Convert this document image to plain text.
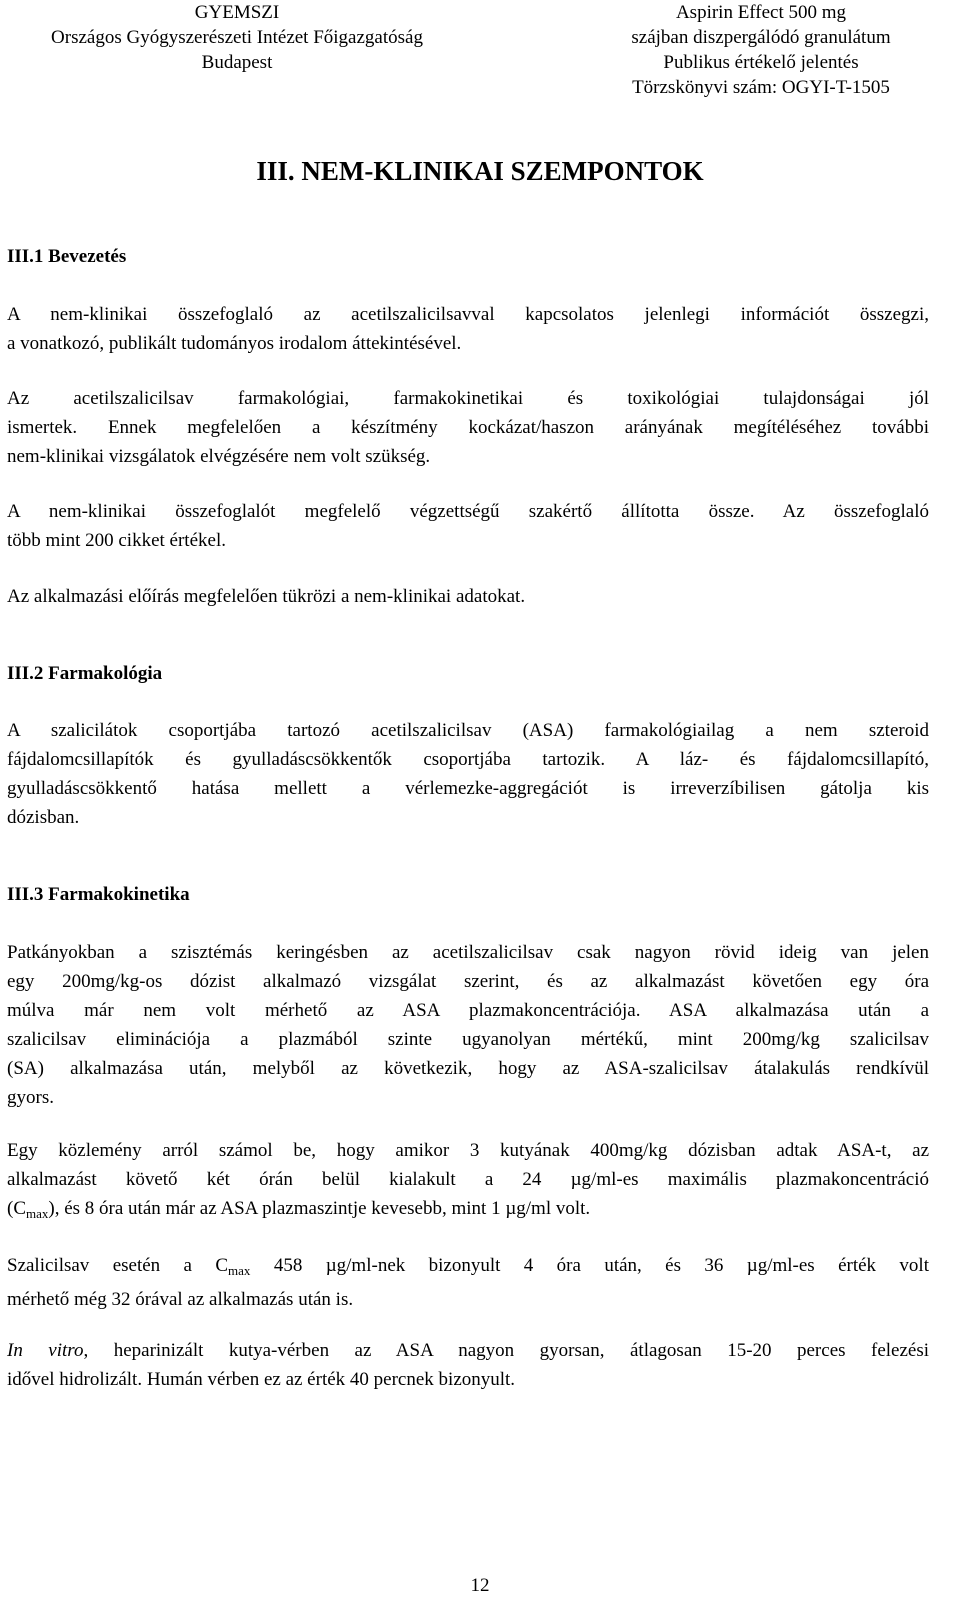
GYEMSZI
Országos Gyógyszerészeti Intézet Főigazgatóság
Budapest
Aspirin Effect 500 mg
szájban diszpergálódó granulátum
Publikus értékelő jelentés
Törzskönyvi szám: OGYI-T-1505
III. NEM-KLINIKAI SZEMPONTOK
III.1 Bevezetés
A nem-klinikai összefoglaló az acetilszalicilsavval kapcsolatos jelenlegi információt összegzi,
a vonatkozó, publikált tudományos irodalom áttekintésével.
Az acetilszalicilsav farmakológiai, farmakokinetikai és toxikológiai tulajdonságai jól
ismertek. Ennek megfelelően a készítmény kockázat/haszon arányának megítéléséhez további
nem-klinikai vizsgálatok elvégzésére nem volt szükség.
A nem-klinikai összefoglalót megfelelő végzettségű szakértő állította össze. Az összefoglaló
több mint 200 cikket értékel.
Az alkalmazási előírás megfelelően tükrözi a nem-klinikai adatokat.
III.2 Farmakológia
A szalicilátok csoportjába tartozó acetilszalicilsav (ASA) farmakológiailag a nem szteroid
fájdalomcsillapítók és gyulladáscsökkentők csoportjába tartozik. A láz- és fájdalomcsillapító,
gyulladáscsökkentő hatása mellett a vérlemezke-aggregációt is irreverzíbilisen gátolja kis
dózisban.
III.3 Farmakokinetika
Patkányokban a szisztémás keringésben az acetilszalicilsav csak nagyon rövid ideig van jelen
egy 200mg/kg-os dózist alkalmazó vizsgálat szerint, és az alkalmazást követően egy óra
múlva már nem volt mérhető az ASA plazmakoncentrációja. ASA alkalmazása után a
szalicilsav eliminációja a plazmából szinte ugyanolyan mértékű, mint 200mg/kg szalicilsav
(SA) alkalmazása után, melyből az következik, hogy az ASA-szalicilsav átalakulás rendkívül
gyors.
Egy közlemény arról számol be, hogy amikor 3 kutyának 400mg/kg dózisban adtak ASA-t, az
alkalmazást követő két órán belül kialakult a 24 µg/ml-es maximális plazmakoncentráció
$(C_{max})$, és 8 óra után már az ASA plazmaszintje kevesebb, mint 1 µg/ml volt.
Szalicilsav esetén a $C_{max}$ 458 µg/ml-nek bizonyult 4 óra után, és 36 µg/ml-es érték volt
mérhető még 32 órával az alkalmazás után is.
In vitro, heparinizált kutya-vérben az ASA nagyon gyorsan, átlagosan 15-20 perces felezési
idővel hidrolizált. Humán vérben ez az érték 40 percnek bizonyult.
12
